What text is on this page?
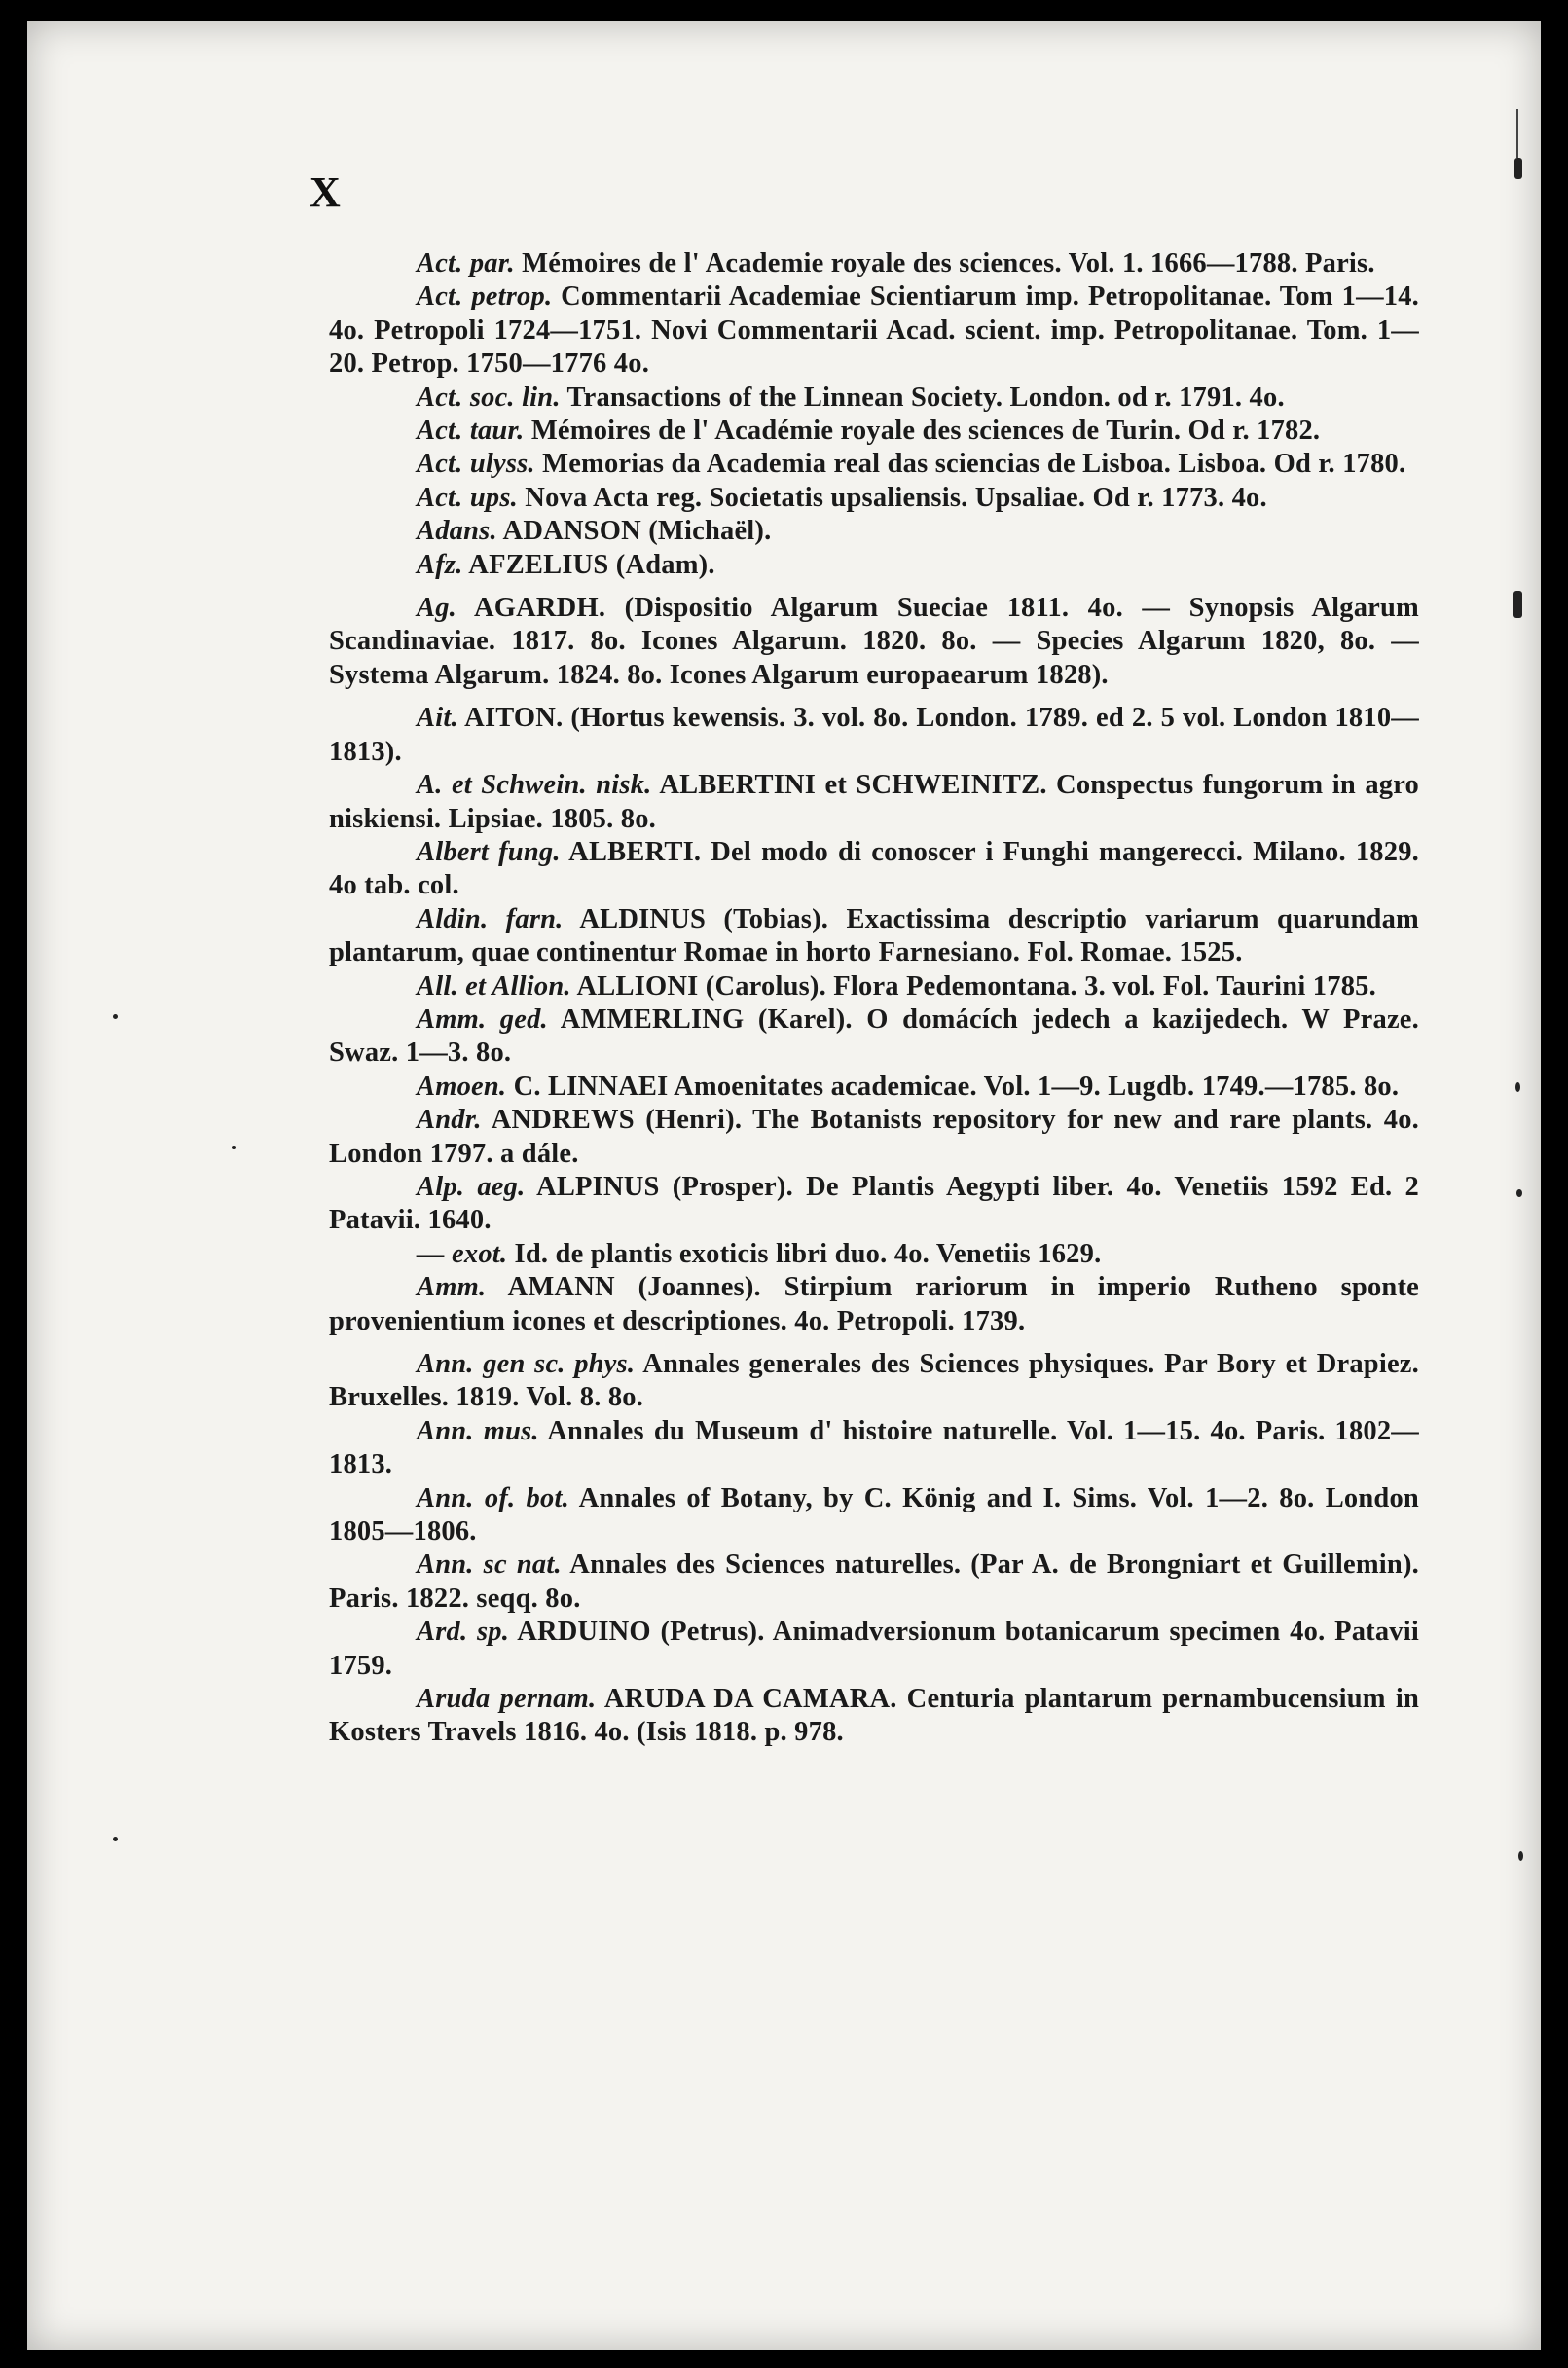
X

Act. par. Mémoires de l' Academie royale des sciences. Vol. 1. 1666—1788. Paris.

Act. petrop. Commentarii Academiae Scientiarum imp. Petropolitanae. Tom 1—14. 4o. Petropoli 1724—1751. Novi Commentarii Acad. scient. imp. Petropolitanae. Tom. 1—20. Petrop. 1750—1776 4o.

Act. soc. lin. Transactions of the Linnean Society. London. od r. 1791. 4o.

Act. taur. Mémoires de l' Académie royale des sciences de Turin. Od r. 1782.

Act. ulyss. Memorias da Academia real das sciencias de Lisboa. Lisboa. Od r. 1780.

Act. ups. Nova Acta reg. Societatis upsaliensis. Upsaliae. Od r. 1773. 4o.

Adans. ADANSON (Michaël).

Afz. AFZELIUS (Adam).

Ag. AGARDH. (Dispositio Algarum Sueciae 1811. 4o. — Synopsis Algarum Scandinaviae. 1817. 8o. Icones Algarum. 1820. 8o. — Species Algarum 1820, 8o. — Systema Algarum. 1824. 8o. Icones Algarum europaearum 1828).

Ait. AITON. (Hortus kewensis. 3. vol. 8o. London. 1789. ed 2. 5 vol. London 1810—1813).

A. et Schwein. nisk. ALBERTINI et SCHWEINITZ. Conspectus fungorum in agro niskiensi. Lipsiae. 1805. 8o.

Albert fung. ALBERTI. Del modo di conoscer i Funghi mangerecci. Milano. 1829. 4o tab. col.

Aldin. farn. ALDINUS (Tobias). Exactissima descriptio variarum quarundam plantarum, quae continentur Romae in horto Farnesiano. Fol. Romae. 1525.

All. et Allion. ALLIONI (Carolus). Flora Pedemontana. 3. vol. Fol. Taurini 1785.

Amm. ged. AMMERLING (Karel). O domácích jedech a kazijedech. W Praze. Swaz. 1—3. 8o.

Amoen. C. LINNAEI Amoenitates academicae. Vol. 1—9. Lugdb. 1749.—1785. 8o.

Andr. ANDREWS (Henri). The Botanists repository for new and rare plants. 4o. London 1797. a dále.

Alp. aeg. ALPINUS (Prosper). De Plantis Aegypti liber. 4o. Venetiis 1592 Ed. 2 Patavii. 1640.

— exot. Id. de plantis exoticis libri duo. 4o. Venetiis 1629.

Amm. AMANN (Joannes). Stirpium rariorum in imperio Rutheno sponte provenientium icones et descriptiones. 4o. Petropoli. 1739.

Ann. gen sc. phys. Annales generales des Sciences physiques. Par Bory et Drapiez. Bruxelles. 1819. Vol. 8. 8o.

Ann. mus. Annales du Museum d' histoire naturelle. Vol. 1—15. 4o. Paris. 1802—1813.

Ann. of. bot. Annales of Botany, by C. König and I. Sims. Vol. 1—2. 8o. London 1805—1806.

Ann. sc nat. Annales des Sciences naturelles. (Par A. de Brongniart et Guillemin). Paris. 1822. seqq. 8o.

Ard. sp. ARDUINO (Petrus). Animadversionum botanicarum specimen 4o. Patavii 1759.

Aruda pernam. ARUDA DA CAMARA. Centuria plantarum pernambucensium in Kosters Travels 1816. 4o. (Isis 1818. p. 978.
